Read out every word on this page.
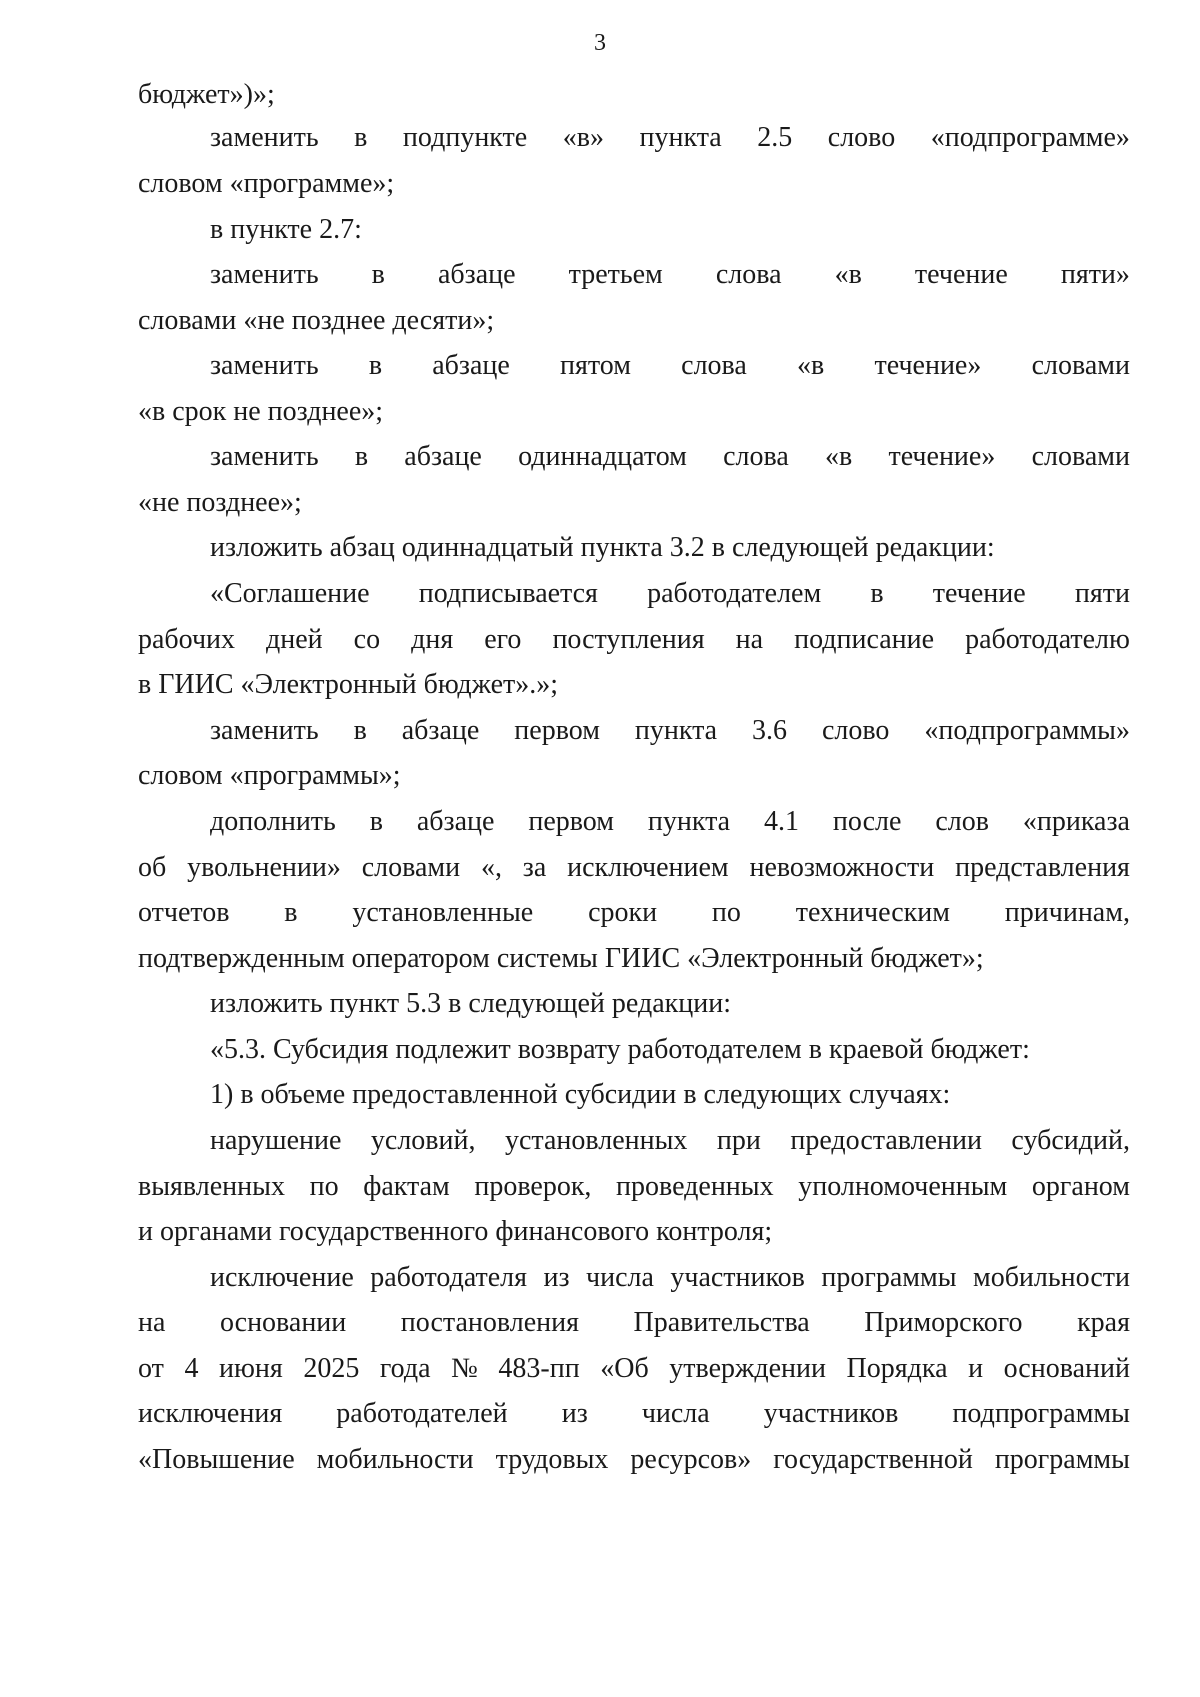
3
бюджет»)»;
заменить в подпункте «в» пункта 2.5 слово «подпрограмме»
словом «программе»;
в пункте 2.7:
заменить в абзаце третьем слова «в течение пяти»
словами «не позднее десяти»;
заменить в абзаце пятом слова «в течение» словами
«в срок не позднее»;
заменить в абзаце одиннадцатом слова «в течение» словами
«не позднее»;
изложить абзац одиннадцатый пункта 3.2 в следующей редакции:
«Соглашение подписывается работодателем в течение пяти
рабочих дней со дня его поступления на подписание работодателю
в ГИИС «Электронный бюджет».»;
заменить в абзаце первом пункта 3.6 слово «подпрограммы»
словом «программы»;
дополнить в абзаце первом пункта 4.1 после слов «приказа
об увольнении» словами «, за исключением невозможности представления
отчетов в установленные сроки по техническим причинам,
подтвержденным оператором системы ГИИС «Электронный бюджет»;
изложить пункт 5.3 в следующей редакции:
«5.3. Субсидия подлежит возврату работодателем в краевой бюджет:
1) в объеме предоставленной субсидии в следующих случаях:
нарушение условий, установленных при предоставлении субсидий,
выявленных по фактам проверок, проведенных уполномоченным органом
и органами государственного финансового контроля;
исключение работодателя из числа участников программы мобильности
на основании постановления Правительства Приморского края
от 4 июня 2025 года № 483-пп «Об утверждении Порядка и оснований
исключения работодателей из числа участников подпрограммы
«Повышение мобильности трудовых ресурсов» государственной программы
